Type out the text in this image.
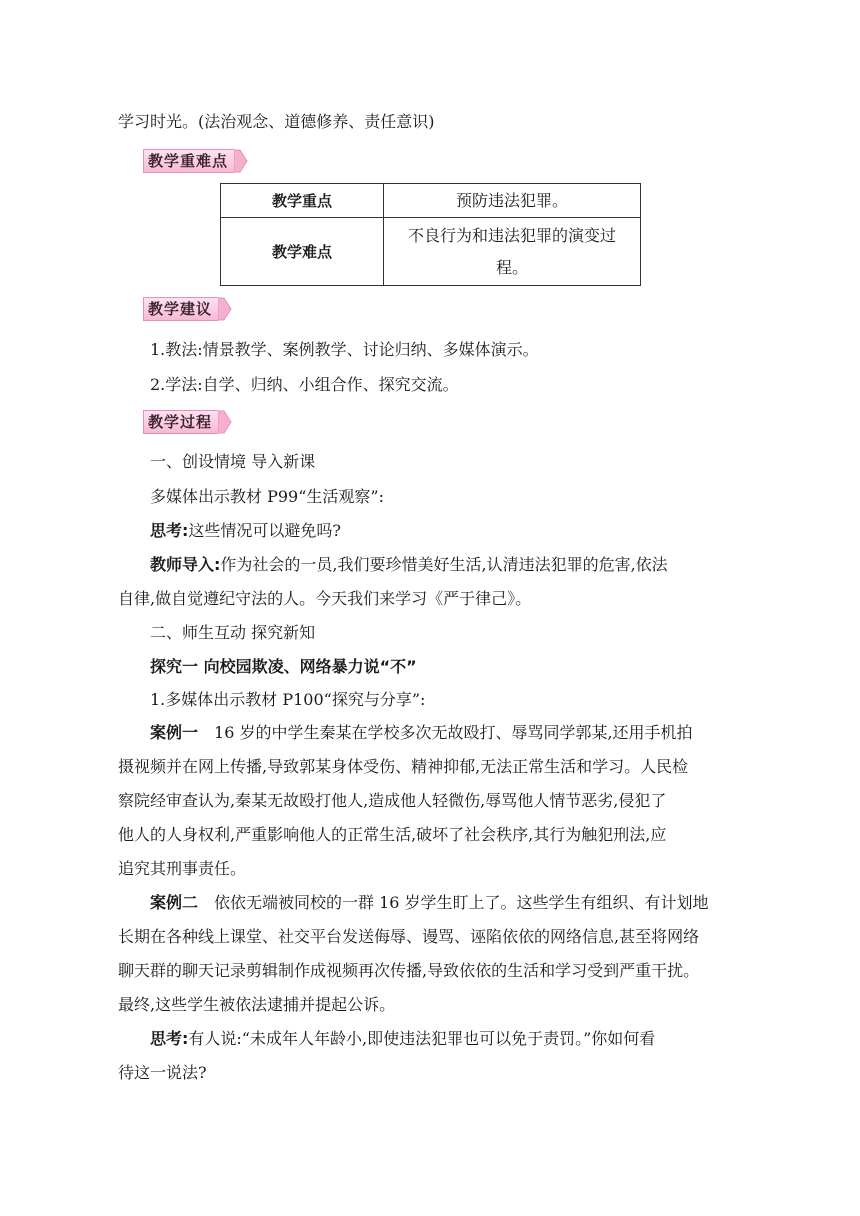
学习时光。(法治观念、道德修养、责任意识)
教学重难点
教学重点	预防违法犯罪。
教学难点	不良行为和违法犯罪的演变过
程。
教学建议
1.教法:情景教学、案例教学、讨论归纳、多媒体演示。
2.学法:自学、归纳、小组合作、探究交流。
教学过程
一、创设情境 导入新课
多媒体出示教材 P99“生活观察”:
思考:这些情况可以避免吗?
教师导入:作为社会的一员,我们要珍惜美好生活,认清违法犯罪的危害,依法
自律,做自觉遵纪守法的人。今天我们来学习《严于律己》。
二、师生互动 探究新知
探究一 向校园欺凌、网络暴力说“不”
1.多媒体出示教材 P100“探究与分享”:
案例一 16 岁的中学生秦某在学校多次无故殴打、辱骂同学郭某,还用手机拍
摄视频并在网上传播,导致郭某身体受伤、精神抑郁,无法正常生活和学习。人民检
察院经审查认为,秦某无故殴打他人,造成他人轻微伤,辱骂他人情节恶劣,侵犯了
他人的人身权利,严重影响他人的正常生活,破坏了社会秩序,其行为触犯刑法,应
追究其刑事责任。
案例二 依依无端被同校的一群 16 岁学生盯上了。这些学生有组织、有计划地
长期在各种线上课堂、社交平台发送侮辱、谩骂、诬陷依依的网络信息,甚至将网络
聊天群的聊天记录剪辑制作成视频再次传播,导致依依的生活和学习受到严重干扰。
最终,这些学生被依法逮捕并提起公诉。
思考:有人说:“未成年人年龄小,即使违法犯罪也可以免于责罚。”你如何看
待这一说法?
